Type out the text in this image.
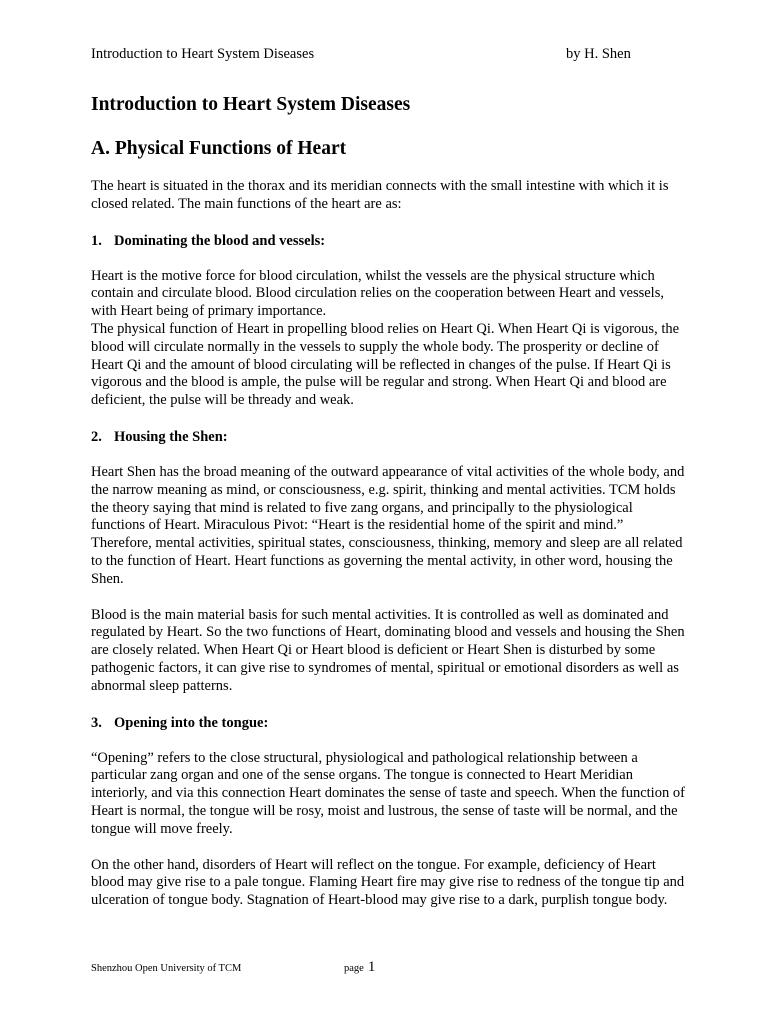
Introduction to Heart System Diseases	by H. Shen
Introduction to Heart System Diseases
A. Physical Functions of Heart

The heart is situated in the thorax and its meridian connects with the small intestine with which it is closed related. The main functions of the heart are as:

1. Dominating the blood and vessels:

Heart is the motive force for blood circulation, whilst the vessels are the physical structure which contain and circulate blood. Blood circulation relies on the cooperation between Heart and vessels, with Heart being of primary importance.

The physical function of Heart in propelling blood relies on Heart Qi. When Heart Qi is vigorous, the blood will circulate normally in the vessels to supply the whole body. The prosperity or decline of Heart Qi and the amount of blood circulating will be reflected in changes of the pulse. If Heart Qi is vigorous and the blood is ample, the pulse will be regular and strong. When Heart Qi and blood are deficient, the pulse will be thready and weak.

2. Housing the Shen:

Heart Shen has the broad meaning of the outward appearance of vital activities of the whole body, and the narrow meaning as mind, or consciousness, e.g. spirit, thinking and mental activities. TCM holds the theory saying that mind is related to five zang organs, and principally to the physiological functions of Heart. Miraculous Pivot: “Heart is the residential home of the spirit and mind.” Therefore, mental activities, spiritual states, consciousness, thinking, memory and sleep are all related to the function of Heart. Heart functions as governing the mental activity, in other word, housing the Shen.

Blood is the main material basis for such mental activities. It is controlled as well as dominated and regulated by Heart. So the two functions of Heart, dominating blood and vessels and housing the Shen are closely related. When Heart Qi or Heart blood is deficient or Heart Shen is disturbed by some pathogenic factors, it can give rise to syndromes of mental, spiritual or emotional disorders as well as abnormal sleep patterns.

3. Opening into the tongue:

“Opening” refers to the close structural, physiological and pathological relationship between a particular zang organ and one of the sense organs. The tongue is connected to Heart Meridian interiorly, and via this connection Heart dominates the sense of taste and speech. When the function of Heart is normal, the tongue will be rosy, moist and lustrous, the sense of taste will be normal, and the tongue will move freely.

On the other hand, disorders of Heart will reflect on the tongue. For example, deficiency of Heart blood may give rise to a pale tongue. Flaming Heart fire may give rise to redness of the tongue tip and ulceration of tongue body. Stagnation of Heart-blood may give rise to a dark, purplish tongue body.

Shenzhou Open University of TCM	page 1
